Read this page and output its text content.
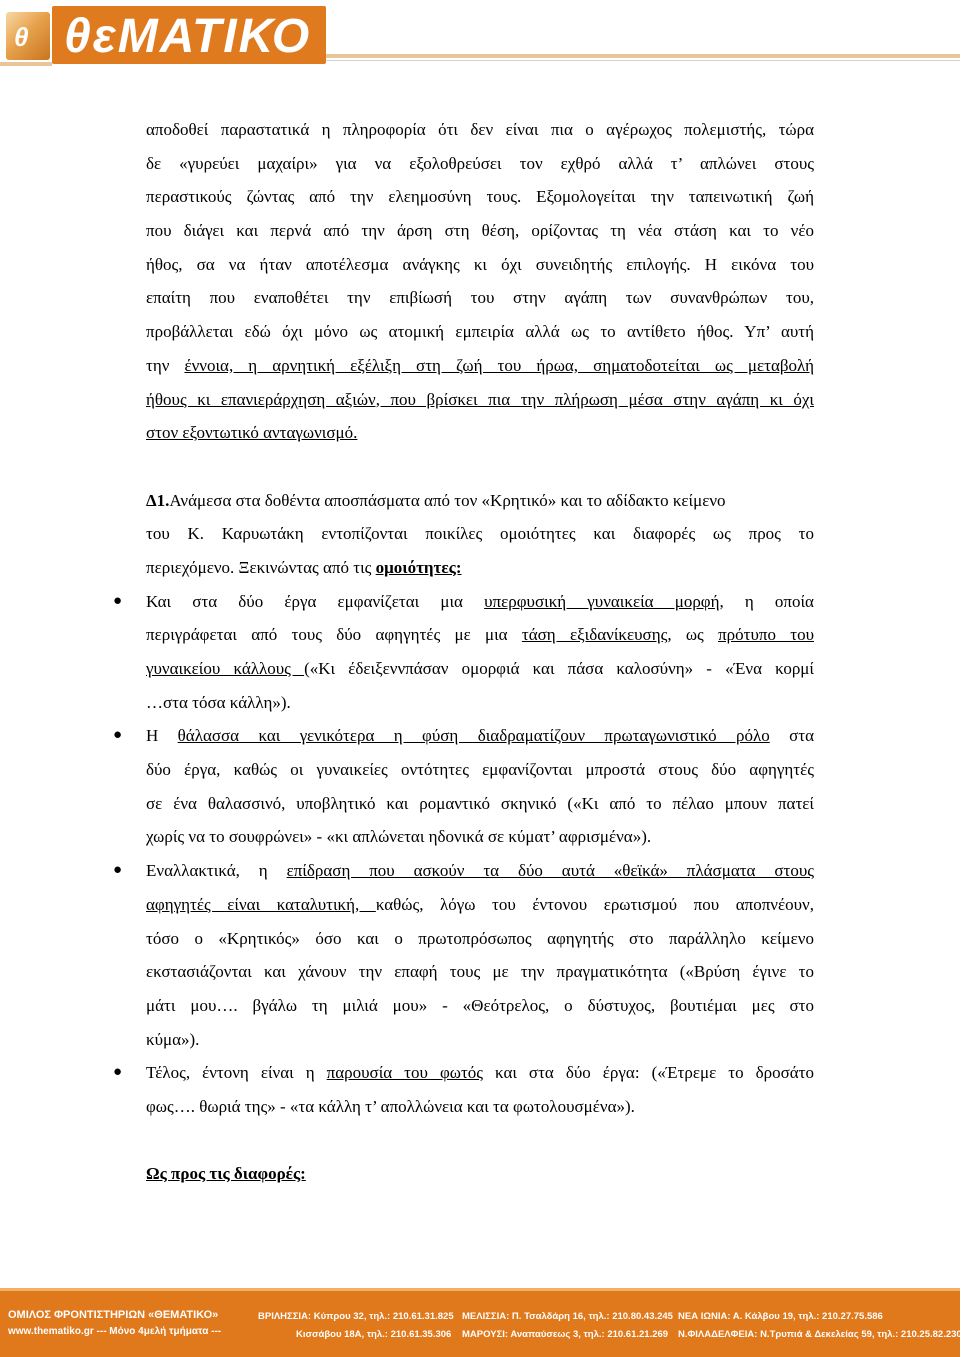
θ θεΜΑΤΙΚΟ
αποδοθεί παραστατικά η πληροφορία ότι δεν είναι πια ο αγέρωχος πολεμιστής, τώρα
δε «γυρεύει μαχαίρι» για να εξολοθρεύσει τον εχθρό αλλά τ’ απλώνει στους
περαστικούς ζώντας από την ελεημοσύνη τους. Εξομολογείται την ταπεινωτική ζωή
που διάγει και περνά από την άρση στη θέση, ορίζοντας τη νέα στάση και το νέο
ήθος, σα να ήταν αποτέλεσμα ανάγκης κι όχι συνειδητής επιλογής. Η εικόνα του
επαίτη που εναποθέτει την επιβίωσή του στην αγάπη των συνανθρώπων του,
προβάλλεται εδώ όχι μόνο ως ατομική εμπειρία αλλά ως το αντίθετο ήθος. Υπ’ αυτή
την έννοια, η αρνητική εξέλιξη στη ζωή του ήρωα, σηματοδοτείται ως μεταβολή
ήθους κι επανιεράρχηση αξιών, που βρίσκει πια την πλήρωση μέσα στην αγάπη κι όχι
στον εξοντωτικό ανταγωνισμό.
Δ1.Ανάμεσα στα δοθέντα αποσπάσματα από τον «Κρητικό» και το αδίδακτο κείμενο
του Κ. Καρυωτάκη εντοπίζονται ποικίλες ομοιότητες και διαφορές ως προς το
περιεχόμενο. Ξεκινώντας από τις ομοιότητες:
● Και στα δύο έργα εμφανίζεται μια υπερφυσική γυναικεία μορφή, η οποία
περιγράφεται από τους δύο αφηγητές με μια τάση εξιδανίκευσης, ως πρότυπο του
γυναικείου κάλλους («Κι έδειξεννπάσαν ομορφιά και πάσα καλοσύνη» - «Ένα κορμί
…στα τόσα κάλλη»).
● Η θάλασσα και γενικότερα η φύση διαδραματίζουν πρωταγωνιστικό ρόλο στα
δύο έργα, καθώς οι γυναικείες οντότητες εμφανίζονται μπροστά στους δύο αφηγητές
σε ένα θαλασσινό, υποβλητικό και ρομαντικό σκηνικό («Κι από το πέλαο μπουν πατεί
χωρίς να το σουφρώνει» - «κι απλώνεται ηδονικά σε κύματ’ αφρισμένα»).
● Εναλλακτικά, η επίδραση που ασκούν τα δύο αυτά «θεϊκά» πλάσματα στους
αφηγητές είναι καταλυτική, καθώς, λόγω του έντονου ερωτισμού που αποπνέουν,
τόσο ο «Κρητικός» όσο και ο πρωτοπρόσωπος αφηγητής στο παράλληλο κείμενο
εκστασιάζονται και χάνουν την επαφή τους με την πραγματικότητα («Βρύση έγινε το
μάτι μου…. βγάλω τη μιλιά μου» - «Θεότρελος, ο δύστυχος, βουτιέμαι μες στο
κύμα»).
● Τέλος, έντονη είναι η παρουσία του φωτός και στα δύο έργα: («Έτρεμε το δροσάτο
φως…. θωριά της» - «τα κάλλη τ’ απολλώνεια και τα φωτολουσμένα»).
Ως προς τις διαφορές:
ΟΜΙΛΟΣ ΦΡΟΝΤΙΣΤΗΡΙΩΝ «ΘΕΜΑΤΙΚΟ»
www.thematiko.gr --- Μόνο 4μελή τμήματα ---
ΒΡΙΛΗΣΣΙΑ: Κύπρου 32, τηλ.: 210.61.31.825
Κισσάβου 18Α, τηλ.: 210.61.35.306
ΜΕΛΙΣΣΙΑ: Π. Τσαλδάρη 16, τηλ.: 210.80.43.245
ΜΑΡΟΥΣΙ: Αναπαύσεως 3, τηλ.: 210.61.21.269
ΝΕΑ ΙΩΝΙΑ: Α. Κάλβου 19, τηλ.: 210.27.75.586
Ν.ΦΙΛΑΔΕΛΦΕΙΑ: Ν.Τρυπιά & Δεκελείας 59, τηλ.: 210.25.82.230
